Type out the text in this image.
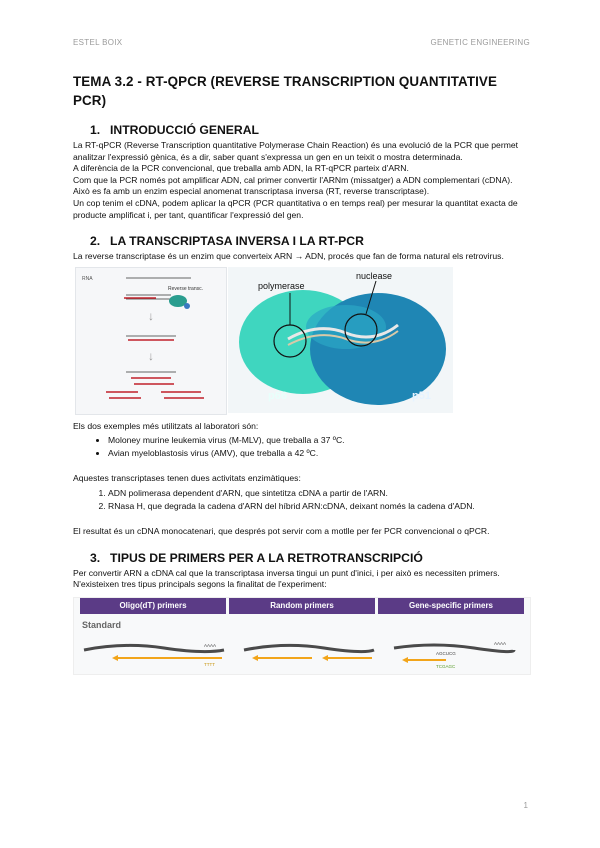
ESTEL BOIX	GENETIC ENGINEERING
TEMA 3.2 - RT-QPCR (REVERSE TRANSCRIPTION QUANTITATIVE PCR)
1. INTRODUCCIÓ GENERAL

La RT-qPCR (Reverse Transcription quantitative Polymerase Chain Reaction) és una evolució de la PCR que permet analitzar l'expressió gènica, és a dir, saber quant s'expressa un gen en un teixit o mostra determinada.

A diferència de la PCR convencional, que treballa amb ADN, la RT-qPCR parteix d'ARN.

Com que la PCR només pot amplificar ADN, cal primer convertir l'ARNm (missatger) a ADN complementari (cDNA).

Això es fa amb un enzim especial anomenat transcriptasa inversa (RT, reverse transcriptase).

Un cop tenim el cDNA, podem aplicar la qPCR (PCR quantitativa o en temps real) per mesurar la quantitat exacta de producte amplificat i, per tant, quantificar l'expressió del gen.

2. LA TRANSCRIPTASA INVERSA I LA RT-PCR

La reverse transcriptase és un enzim que converteix ARN → ADN, procés que fan de forma natural els retrovirus.

RNA
Reverse transc.
↓
↓
polymerase
nuclease
p66	p51

Els dos exemples més utilitzats al laboratori són:

• Moloney murine leukemia virus (M-MLV), que treballa a 37 ºC.
• Avian myeloblastosis virus (AMV), que treballa a 42 ºC.

Aquestes transcriptases tenen dues activitats enzimàtiques:

1. ADN polimerasa dependent d'ARN, que sintetitza cDNA a partir de l'ARN.
2. RNasa H, que degrada la cadena d'ARN del híbrid ARN:cDNA, deixant només la cadena d'ADN.

El resultat és un cDNA monocatenari, que després pot servir com a motlle per fer PCR convencional o qPCR.

3. TIPUS DE PRIMERS PER A LA RETROTRANSCRIPCIÓ

Per convertir ARN a cDNA cal que la transcriptasa inversa tingui un punt d'inici, i per això es necessiten primers. N'existeixen tres tipus principals segons la finalitat de l'experiment:

Oligo(dT) primers	Random primers	Gene-specific primers
Standard
AAAA
TTTT
AAAA
AGCUCG
TCGAGC
1
